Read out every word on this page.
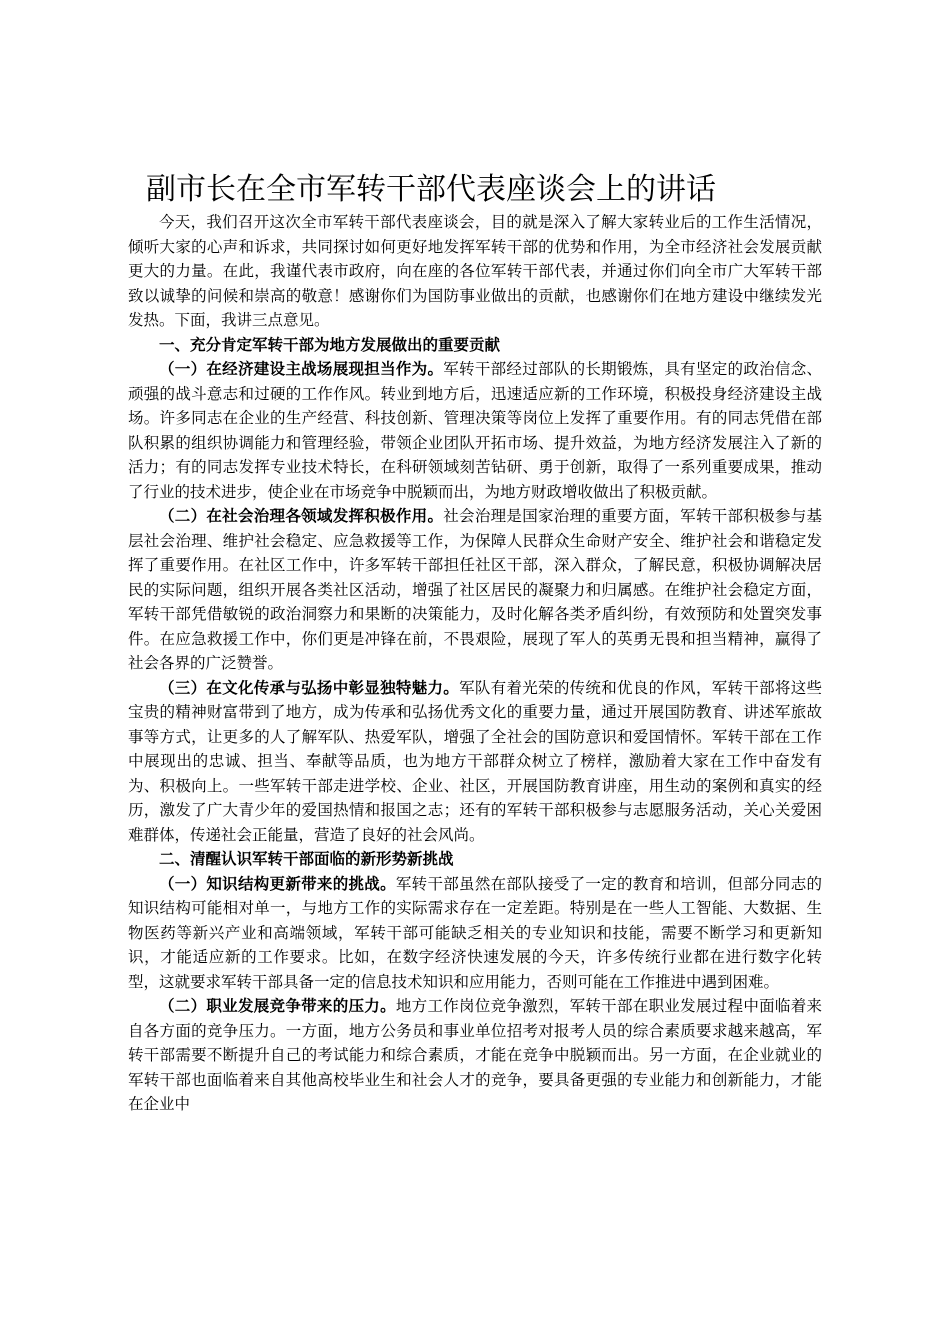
副市长在全市军转干部代表座谈会上的讲话

今天，我们召开这次全市军转干部代表座谈会，目的就是深入了解大家转业后的工作生活情况，倾听大家的心声和诉求，共同探讨如何更好地发挥军转干部的优势和作用，为全市经济社会发展贡献更大的力量。在此，我谨代表市政府，向在座的各位军转干部代表，并通过你们向全市广大军转干部致以诚挚的问候和崇高的敬意！感谢你们为国防事业做出的贡献，也感谢你们在地方建设中继续发光发热。下面，我讲三点意见。

一、充分肯定军转干部为地方发展做出的重要贡献

（一）在经济建设主战场展现担当作为。军转干部经过部队的长期锻炼，具有坚定的政治信念、顽强的战斗意志和过硬的工作作风。转业到地方后，迅速适应新的工作环境，积极投身经济建设主战场。许多同志在企业的生产经营、科技创新、管理决策等岗位上发挥了重要作用。有的同志凭借在部队积累的组织协调能力和管理经验，带领企业团队开拓市场、提升效益，为地方经济发展注入了新的活力；有的同志发挥专业技术特长，在科研领域刻苦钻研、勇于创新，取得了一系列重要成果，推动了行业的技术进步，使企业在市场竞争中脱颖而出，为地方财政增收做出了积极贡献。

（二）在社会治理各领域发挥积极作用。社会治理是国家治理的重要方面，军转干部积极参与基层社会治理、维护社会稳定、应急救援等工作，为保障人民群众生命财产安全、维护社会和谐稳定发挥了重要作用。在社区工作中，许多军转干部担任社区干部，深入群众，了解民意，积极协调解决居民的实际问题，组织开展各类社区活动，增强了社区居民的凝聚力和归属感。在维护社会稳定方面，军转干部凭借敏锐的政治洞察力和果断的决策能力，及时化解各类矛盾纠纷，有效预防和处置突发事件。在应急救援工作中，你们更是冲锋在前，不畏艰险，展现了军人的英勇无畏和担当精神，赢得了社会各界的广泛赞誉。

（三）在文化传承与弘扬中彰显独特魅力。军队有着光荣的传统和优良的作风，军转干部将这些宝贵的精神财富带到了地方，成为传承和弘扬优秀文化的重要力量，通过开展国防教育、讲述军旅故事等方式，让更多的人了解军队、热爱军队，增强了全社会的国防意识和爱国情怀。军转干部在工作中展现出的忠诚、担当、奉献等品质，也为地方干部群众树立了榜样，激励着大家在工作中奋发有为、积极向上。一些军转干部走进学校、企业、社区，开展国防教育讲座，用生动的案例和真实的经历，激发了广大青少年的爱国热情和报国之志；还有的军转干部积极参与志愿服务活动，关心关爱困难群体，传递社会正能量，营造了良好的社会风尚。

二、清醒认识军转干部面临的新形势新挑战

（一）知识结构更新带来的挑战。军转干部虽然在部队接受了一定的教育和培训，但部分同志的知识结构可能相对单一，与地方工作的实际需求存在一定差距。特别是在一些人工智能、大数据、生物医药等新兴产业和高端领域，军转干部可能缺乏相关的专业知识和技能，需要不断学习和更新知识，才能适应新的工作要求。比如，在数字经济快速发展的今天，许多传统行业都在进行数字化转型，这就要求军转干部具备一定的信息技术知识和应用能力，否则可能在工作推进中遇到困难。

（二）职业发展竞争带来的压力。地方工作岗位竞争激烈，军转干部在职业发展过程中面临着来自各方面的竞争压力。一方面，地方公务员和事业单位招考对报考人员的综合素质要求越来越高，军转干部需要不断提升自己的考试能力和综合素质，才能在竞争中脱颖而出。另一方面，在企业就业的军转干部也面临着来自其他高校毕业生和社会人才的竞争，要具备更强的专业能力和创新能力，才能在企业中
